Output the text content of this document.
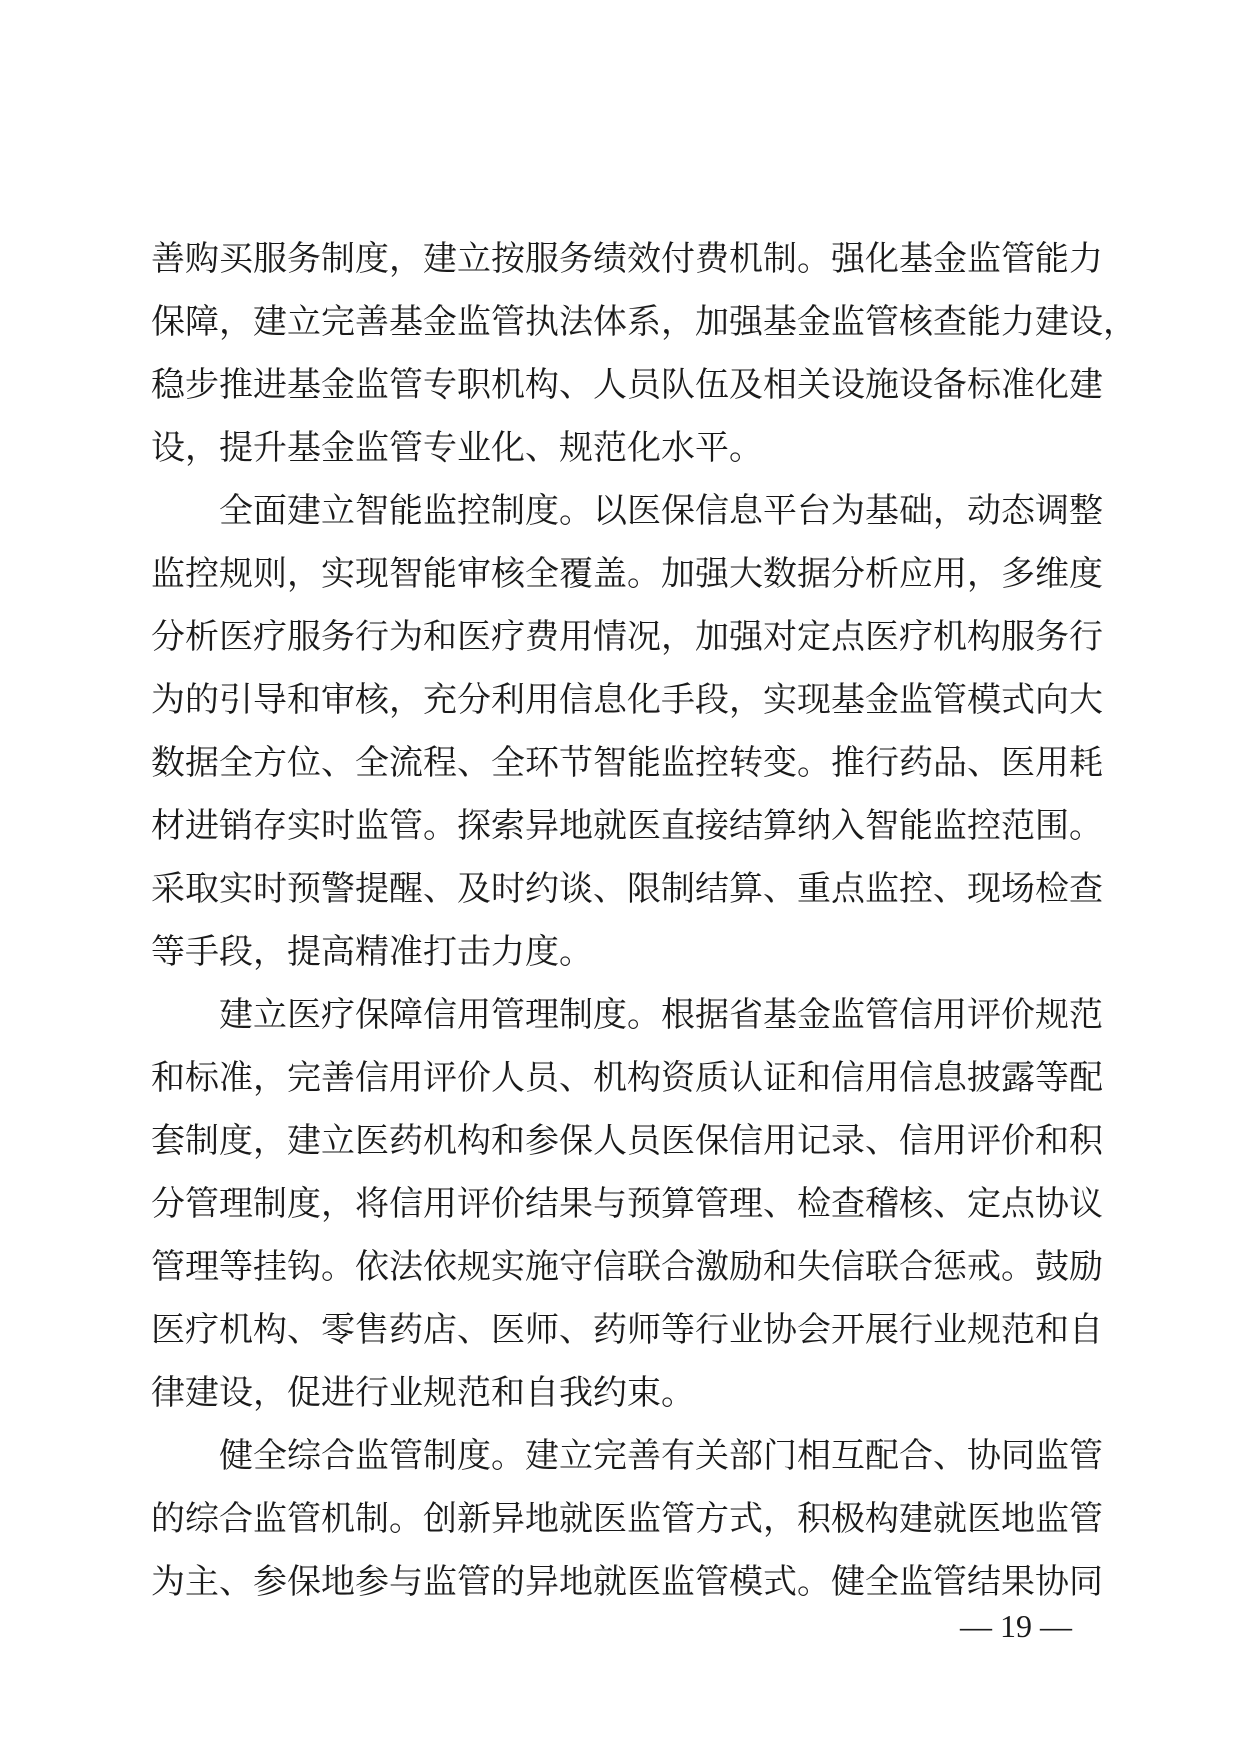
善购买服务制度，建立按服务绩效付费机制。强化基金监管能力
保障，建立完善基金监管执法体系，加强基金监管核查能力建设，
稳步推进基金监管专职机构、人员队伍及相关设施设备标准化建
设，提升基金监管专业化、规范化水平。
全面建立智能监控制度。以医保信息平台为基础，动态调整
监控规则，实现智能审核全覆盖。加强大数据分析应用，多维度
分析医疗服务行为和医疗费用情况，加强对定点医疗机构服务行
为的引导和审核，充分利用信息化手段，实现基金监管模式向大
数据全方位、全流程、全环节智能监控转变。推行药品、医用耗
材进销存实时监管。探索异地就医直接结算纳入智能监控范围。
采取实时预警提醒、及时约谈、限制结算、重点监控、现场检查
等手段，提高精准打击力度。
建立医疗保障信用管理制度。根据省基金监管信用评价规范
和标准，完善信用评价人员、机构资质认证和信用信息披露等配
套制度，建立医药机构和参保人员医保信用记录、信用评价和积
分管理制度，将信用评价结果与预算管理、检查稽核、定点协议
管理等挂钩。依法依规实施守信联合激励和失信联合惩戒。鼓励
医疗机构、零售药店、医师、药师等行业协会开展行业规范和自
律建设，促进行业规范和自我约束。
健全综合监管制度。建立完善有关部门相互配合、协同监管
的综合监管机制。创新异地就医监管方式，积极构建就医地监管
为主、参保地参与监管的异地就医监管模式。健全监管结果协同
— 19 —
